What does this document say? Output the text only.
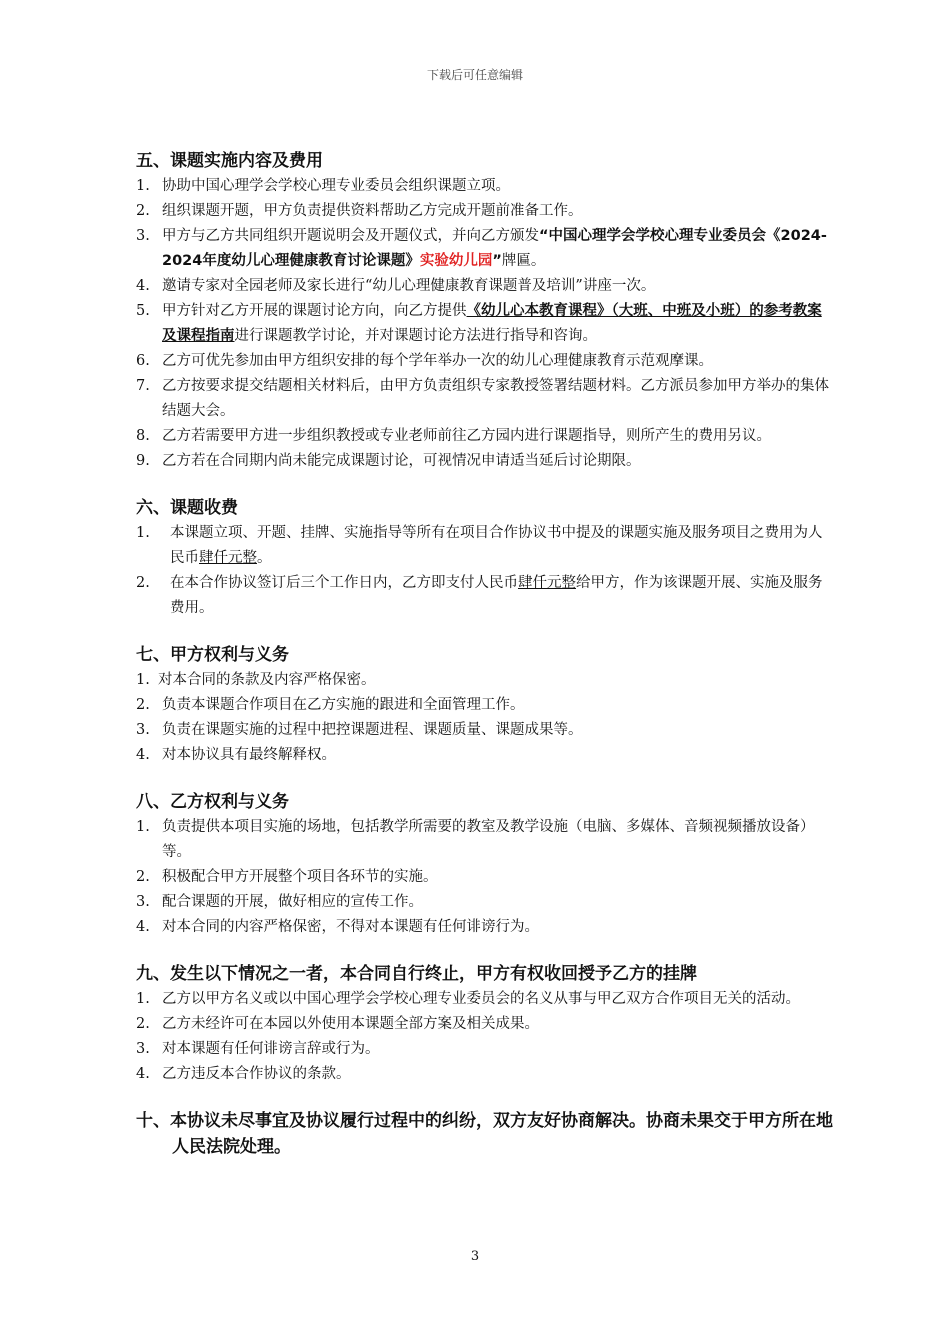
下载后可任意编辑
五、课题实施内容及费用
1. 协助中国心理学会学校心理专业委员会组织课题立项。
2. 组织课题开题，甲方负责提供资料帮助乙方完成开题前准备工作。
3. 甲方与乙方共同组织开题说明会及开题仪式，并向乙方颁发“中国心理学会学校心理专业委员会《2024-2024年度幼儿心理健康教育讨论课题》实验幼儿园”牌匾。
4. 邀请专家对全园老师及家长进行“幼儿心理健康教育课题普及培训”讲座一次。
5. 甲方针对乙方开展的课题讨论方向，向乙方提供《幼儿心本教育课程》（大班、中班及小班）的参考教案及课程指南进行课题教学讨论，并对课题讨论方法进行指导和咨询。
6. 乙方可优先参加由甲方组织安排的每个学年举办一次的幼儿心理健康教育示范观摩课。
7. 乙方按要求提交结题相关材料后，由甲方负责组织专家教授签署结题材料。乙方派员参加甲方举办的集体结题大会。
8. 乙方若需要甲方进一步组织教授或专业老师前往乙方园内进行课题指导，则所产生的费用另议。
9. 乙方若在合同期内尚未能完成课题讨论，可视情况申请适当延后讨论期限。
六、课题收费
1. 本课题立项、开题、挂牌、实施指导等所有在项目合作协议书中提及的课题实施及服务项目之费用为人民币肆仟元整。
2. 在本合作协议签订后三个工作日内，乙方即支付人民币肆仟元整给甲方，作为该课题开展、实施及服务费用。
七、甲方权利与义务
1. 对本合同的条款及内容严格保密。
2. 负责本课题合作项目在乙方实施的跟进和全面管理工作。
3. 负责在课题实施的过程中把控课题进程、课题质量、课题成果等。
4. 对本协议具有最终解释权。
八、乙方权利与义务
1. 负责提供本项目实施的场地，包括教学所需要的教室及教学设施（电脑、多媒体、音频视频播放设备）等。
2. 积极配合甲方开展整个项目各环节的实施。
3. 配合课题的开展，做好相应的宣传工作。
4. 对本合同的内容严格保密，不得对本课题有任何诽谤行为。
九、发生以下情况之一者，本合同自行终止，甲方有权收回授予乙方的挂牌
1. 乙方以甲方名义或以中国心理学会学校心理专业委员会的名义从事与甲乙双方合作项目无关的活动。
2. 乙方未经许可在本园以外使用本课题全部方案及相关成果。
3. 对本课题有任何诽谤言辞或行为。
4. 乙方违反本合作协议的条款。
十、本协议未尽事宜及协议履行过程中的纠纷，双方友好协商解决。协商未果交于甲方所在地人民法院处理。
3
